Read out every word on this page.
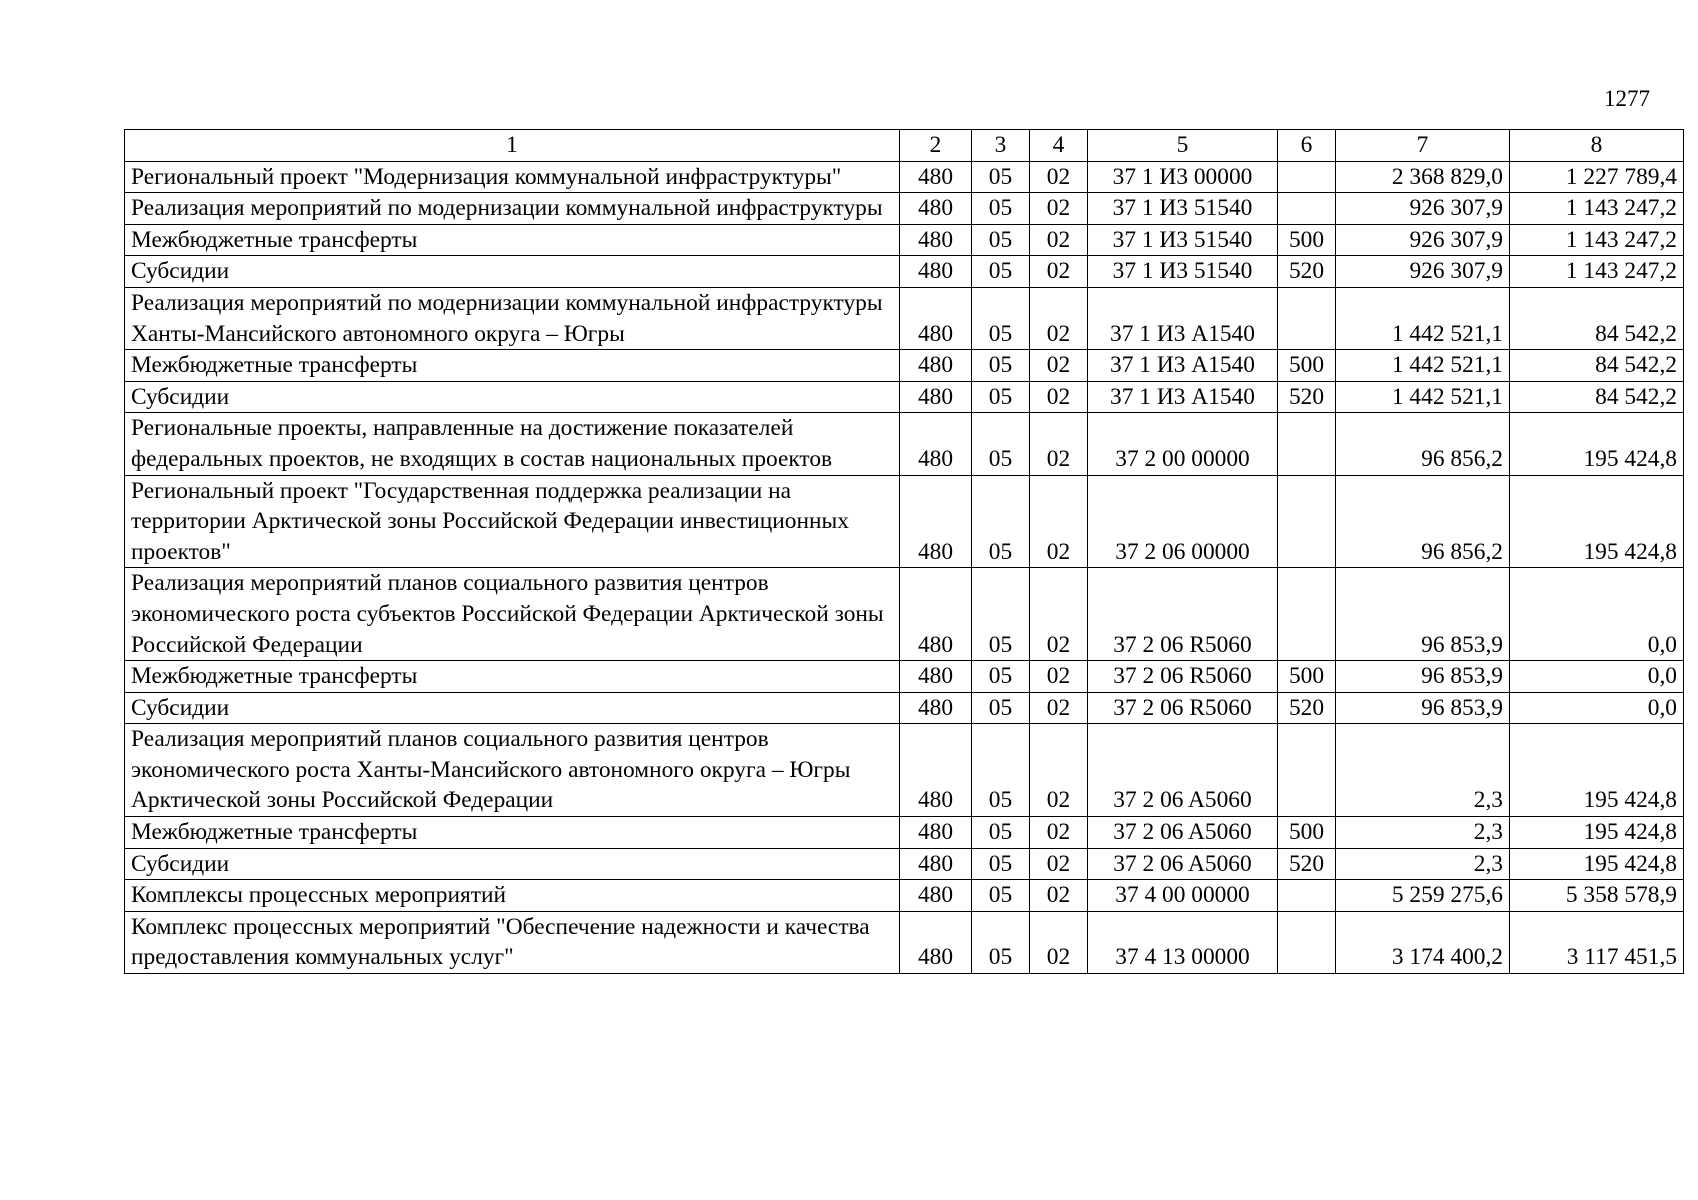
1277
1	2	3	4	5	6	7	8
Региональный проект "Модернизация коммунальной инфраструктуры"	480	05	02	37 1 И3 00000		2 368 829,0	1 227 789,4
Реализация мероприятий по модернизации коммунальной инфраструктуры	480	05	02	37 1 И3 51540		926 307,9	1 143 247,2
Межбюджетные трансферты	480	05	02	37 1 И3 51540	500	926 307,9	1 143 247,2
Субсидии	480	05	02	37 1 И3 51540	520	926 307,9	1 143 247,2
Реализация мероприятий по модернизации коммунальной инфраструктуры Ханты-Мансийского автономного округа – Югры	480	05	02	37 1 И3 A1540		1 442 521,1	84 542,2
Межбюджетные трансферты	480	05	02	37 1 И3 A1540	500	1 442 521,1	84 542,2
Субсидии	480	05	02	37 1 И3 A1540	520	1 442 521,1	84 542,2
Региональные проекты, направленные на достижение показателей федеральных проектов, не входящих в состав национальных проектов	480	05	02	37 2 00 00000		96 856,2	195 424,8
Региональный проект "Государственная поддержка реализации на территории Арктической зоны Российской Федерации инвестиционных проектов"	480	05	02	37 2 06 00000		96 856,2	195 424,8
Реализация мероприятий планов социального развития центров экономического роста субъектов Российской Федерации Арктической зоны Российской Федерации	480	05	02	37 2 06 R5060		96 853,9	0,0
Межбюджетные трансферты	480	05	02	37 2 06 R5060	500	96 853,9	0,0
Субсидии	480	05	02	37 2 06 R5060	520	96 853,9	0,0
Реализация мероприятий планов социального развития центров экономического роста Ханты-Мансийского автономного округа – Югры Арктической зоны Российской Федерации	480	05	02	37 2 06 A5060		2,3	195 424,8
Межбюджетные трансферты	480	05	02	37 2 06 A5060	500	2,3	195 424,8
Субсидии	480	05	02	37 2 06 A5060	520	2,3	195 424,8
Комплексы процессных мероприятий	480	05	02	37 4 00 00000		5 259 275,6	5 358 578,9
Комплекс процессных мероприятий "Обеспечение надежности и качества предоставления коммунальных услуг"	480	05	02	37 4 13 00000		3 174 400,2	3 117 451,5
